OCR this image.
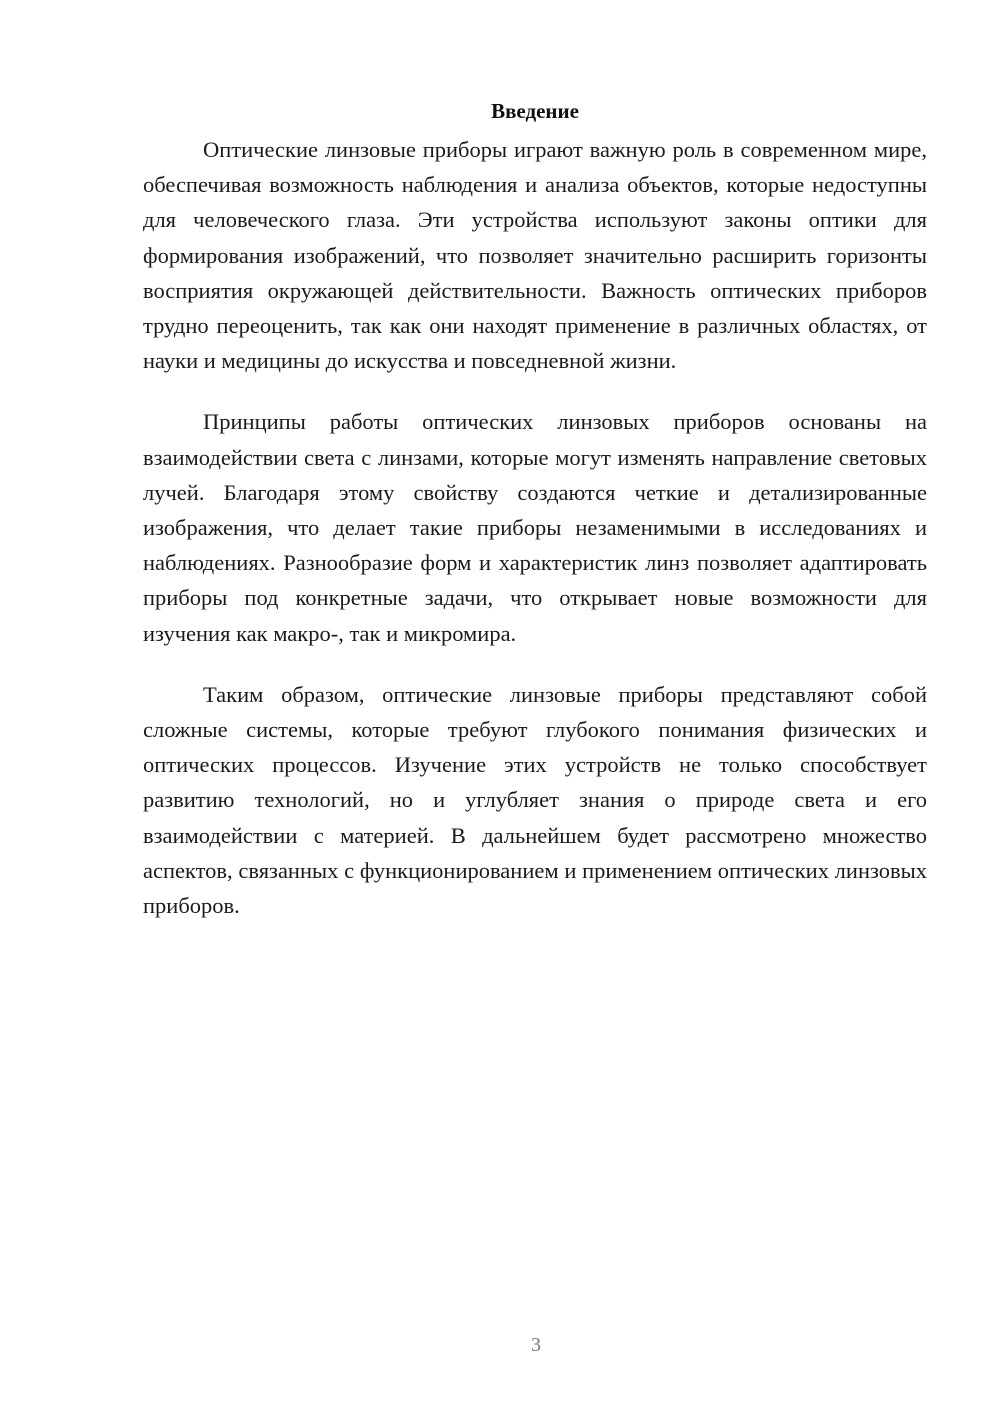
Введение

Оптические линзовые приборы играют важную роль в современном мире, обеспечивая возможность наблюдения и анализа объектов, которые недоступны для человеческого глаза. Эти устройства используют законы оптики для формирования изображений, что позволяет значительно расширить горизонты восприятия окружающей действительности. Важность оптических приборов трудно переоценить, так как они находят применение в различных областях, от науки и медицины до искусства и повседневной жизни.

Принципы работы оптических линзовых приборов основаны на взаимодействии света с линзами, которые могут изменять направление световых лучей. Благодаря этому свойству создаются четкие и детализированные изображения, что делает такие приборы незаменимыми в исследованиях и наблюдениях. Разнообразие форм и характеристик линз позволяет адаптировать приборы под конкретные задачи, что открывает новые возможности для изучения как макро-, так и микромира.

Таким образом, оптические линзовые приборы представляют собой сложные системы, которые требуют глубокого понимания физических и оптических процессов. Изучение этих устройств не только способствует развитию технологий, но и углубляет знания о природе света и его взаимодействии с материей. В дальнейшем будет рассмотрено множество аспектов, связанных с функционированием и применением оптических линзовых приборов.

3
